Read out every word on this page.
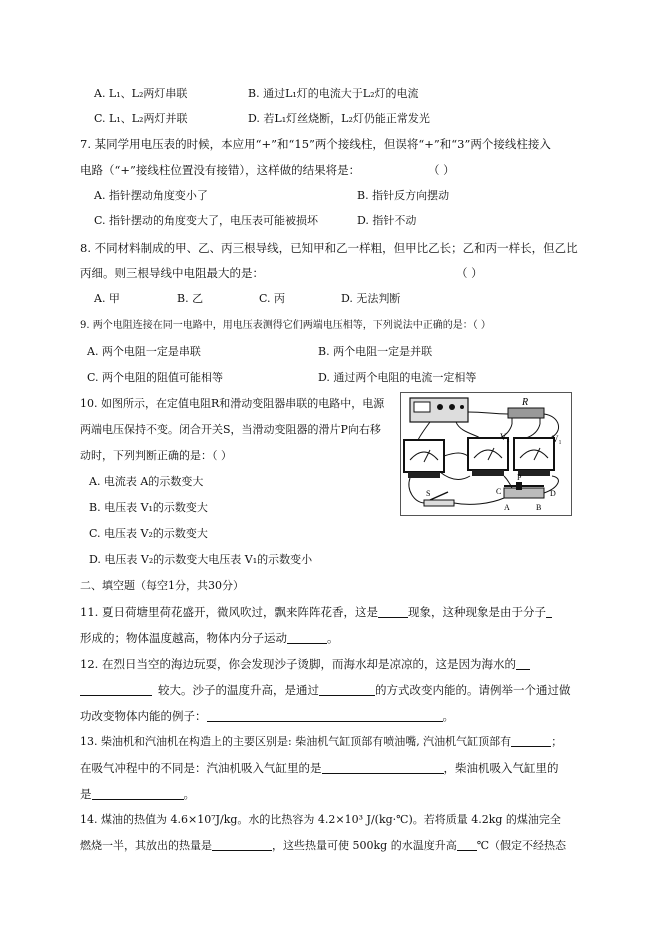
A. L₁、L₂两灯串联	B. 通过L₁灯的电流大于L₂灯的电流
C. L₁、L₂两灯并联	D. 若L₁灯丝烧断，L₂灯仍能正常发光
7. 某同学用电压表的时候，本应用“+”和“15”两个接线柱，但误将“+”和“3”两个接线柱接入
电路（“+”接线柱位置没有接错），这样做的结果将是：	（ ）
A. 指针摆动角度变小了	B. 指针反方向摆动
C. 指针摆动的角度变大了，电压表可能被损坏	D. 指针不动
8. 不同材料制成的甲、乙、丙三根导线，已知甲和乙一样粗，但甲比乙长；乙和丙一样长，但乙比
丙细。则三根导线中电阻最大的是：	（ ）
A. 甲	B. 乙	C. 丙	D. 无法判断
9. 两个电阻连接在同一电路中，用电压表测得它们两端电压相等，下列说法中正确的是：（ ）
A. 两个电阻一定是串联	B. 两个电阻一定是并联
C. 两个电阻的阻值可能相等	D. 通过两个电阻的电流一定相等
10. 如图所示，在定值电阻R和滑动变阻器串联的电路中，电源
两端电压保持不变。闭合开关S，当滑动变阻器的滑片P向右移
动时，下列判断正确的是：（ ）
A. 电流表 A的示数变大
B. 电压表 V₁的示数变大
C. 电压表 V₂的示数变大
D. 电压表 V₂的示数变大电压表 V₁的示数变小
R
V₂	V₁
C
P
A	B
D
S
二、填空题（每空1分，共30分）
11. 夏日荷塘里荷花盛开，微风吹过，飘来阵阵花香，这是	现象，这种现象是由于分子
形成的；物体温度越高，物体内分子运动	。
12. 在烈日当空的海边玩耍，你会发现沙子烫脚，而海水却是凉凉的，这是因为海水的
较大。沙子的温度升高，是通过	的方式改变内能的。请例举一个通过做
功改变物体内能的例子：	。
13. 柴油机和汽油机在构造上的主要区别是: 柴油机气缸顶部有喷油嘴, 汽油机气缸顶部有	；
在吸气冲程中的不同是：汽油机吸入气缸里的是	，柴油机吸入气缸里的
是	。
14. 煤油的热值为 4.6×10⁷J/kg。水的比热容为 4.2×10³ J/(kg·℃)。若将质量 4.2kg 的煤油完全
燃烧一半，其放出的热量是	，这些热量可使 500kg 的水温度升高 ℃（假定不经热态
